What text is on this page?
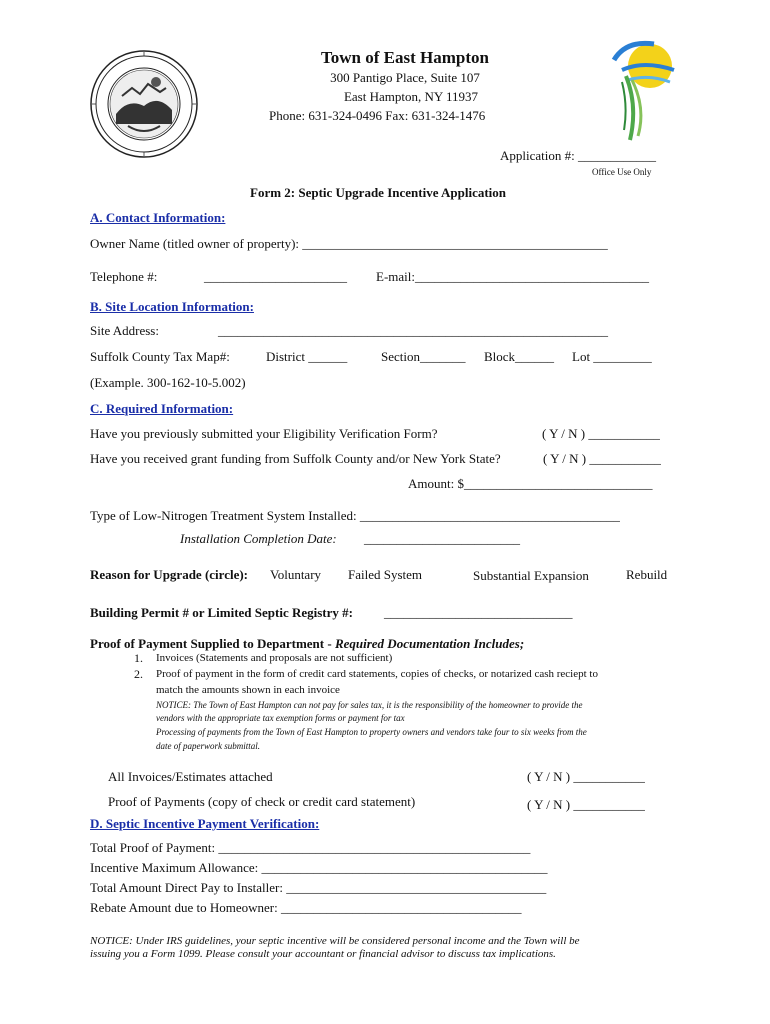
Town of East Hampton
300 Pantigo Place, Suite 107
East Hampton, NY 11937
Phone: 631-324-0496 Fax: 631-324-1476
Application #: ____________
Office Use Only
Form 2: Septic Upgrade Incentive Application
A. Contact Information:
Owner Name (titled owner of property): _______________________________________________
Telephone #:	______________________ E-mail:____________________________________
B. Site Location Information:
Site Address:	____________________________________________________________
Suffolk County Tax Map#:	District ______	Section_______ Block______ Lot _________
(Example. 300-162-10-5.002)
C. Required Information:
Have you previously submitted your Eligibility Verification Form?	( Y / N ) ___________
Have you received grant funding from Suffolk County and/or New York State?	( Y / N ) ___________
Amount: $_____________________________
Type of Low-Nitrogen Treatment System Installed: ________________________________________
Installation Completion Date: ________________________
Reason for Upgrade (circle): Voluntary Failed System	Substantial Expansion	Rebuild
Building Permit # or Limited Septic Registry #: _____________________________
Proof of Payment Supplied to Department - Required Documentation Includes;
1. Invoices (Statements and proposals are not sufficient)
2. Proof of payment in the form of credit card statements, copies of checks, or notarized cash reciept to
match the amounts shown in each invoice
NOTICE: The Town of East Hampton can not pay for sales tax, it is the responsibility of the homeowner to provide the
vendors with the appropriate tax exemption forms or payment for tax
Processing of payments from the Town of East Hampton to property owners and vendors take four to six weeks from the
date of paperwork submittal.
All Invoices/Estimates attached	( Y / N ) ___________
Proof of Payments (copy of check or credit card statement)	( Y / N ) ___________
D. Septic Incentive Payment Verification:
Total Proof of Payment: ________________________________________________
Incentive Maximum Allowance: ____________________________________________
Total Amount Direct Pay to Installer: ________________________________________
Rebate Amount due to Homeowner: _____________________________________
NOTICE: Under IRS guidelines, your septic incentive will be considered personal income and the Town will be
issuing you a Form 1099. Please consult your accountant or financial advisor to discuss tax implications.
